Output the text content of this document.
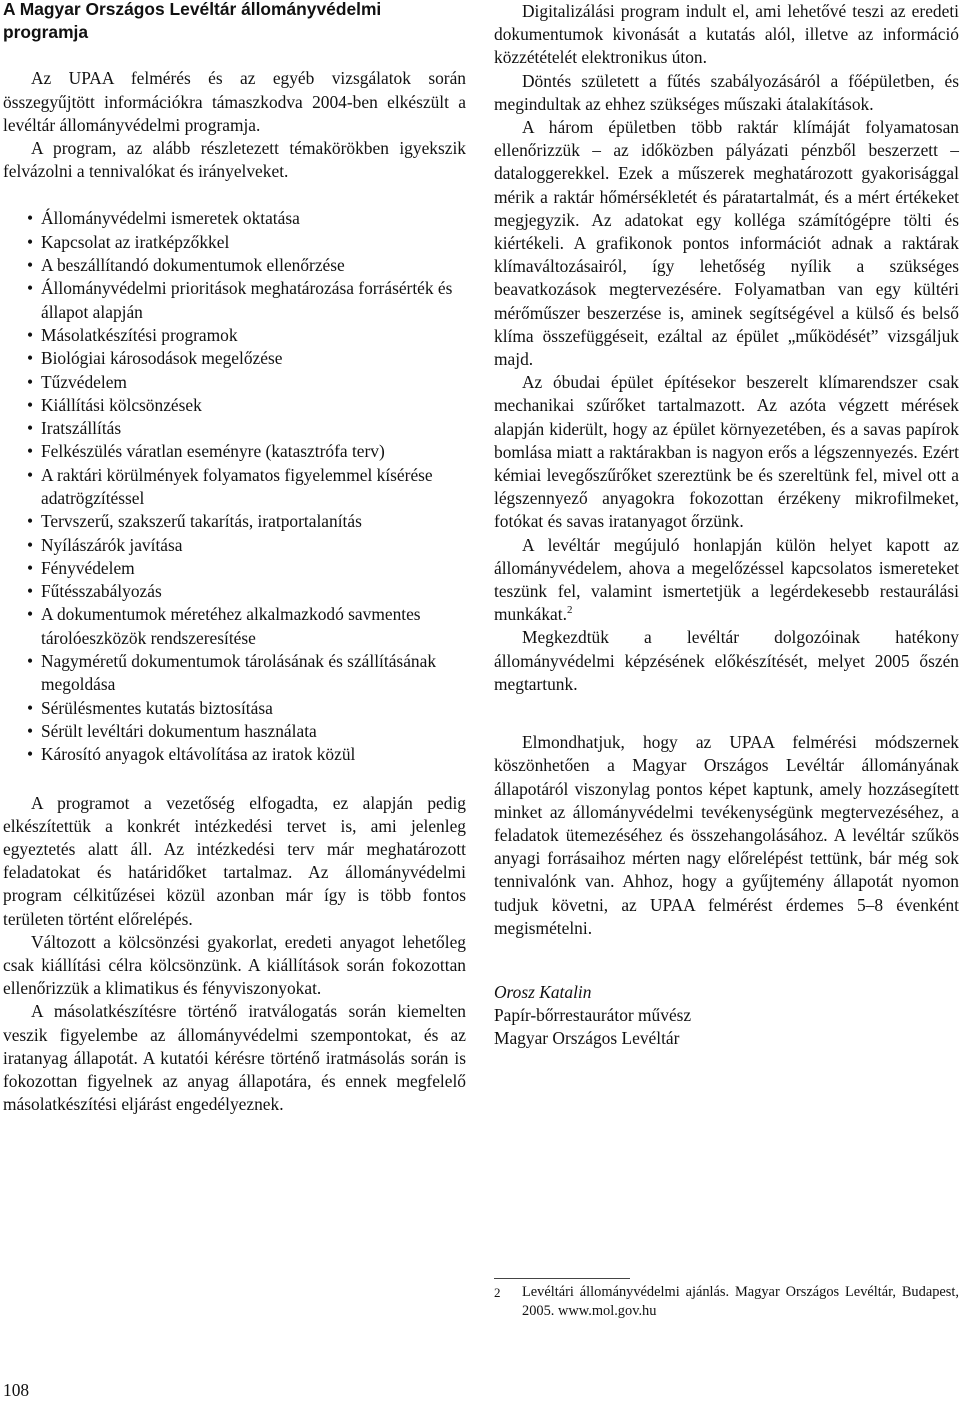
A Magyar Országos Levéltár állományvédelmi programja

Az UPAA felmérés és az egyéb vizsgálatok során összegyűjtött információkra támaszkodva 2004-ben elkészült a levéltár állományvédelmi programja.

A program, az alább részletezett témakörökben igyekszik felvázolni a tennivalókat és irányelveket.

• Állományvédelmi ismeretek oktatása
• Kapcsolat az iratképzőkkel
• A beszállítandó dokumentumok ellenőrzése
• Állományvédelmi prioritások meghatározása forrásérték és állapot alapján
• Másolatkészítési programok
• Biológiai károsodások megelőzése
• Tűzvédelem
• Kiállítási kölcsönzések
• Iratszállítás
• Felkészülés váratlan eseményre (katasztrófa terv)
• A raktári körülmények folyamatos figyelemmel kísérése adatrögzítéssel
• Tervszerű, szakszerű takarítás, iratportalanítás
• Nyílászárók javítása
• Fényvédelem
• Fűtésszabályozás
• A dokumentumok méretéhez alkalmazkodó savmentes tárolóeszközök rendszeresítése
• Nagyméretű dokumentumok tárolásának és szállításának megoldása
• Sérülésmentes kutatás biztosítása
• Sérült levéltári dokumentum használata
• Károsító anyagok eltávolítása az iratok közül

A programot a vezetőség elfogadta, ez alapján pedig elkészítettük a konkrét intézkedési tervet is, ami jelenleg egyeztetés alatt áll. Az intézkedési terv már meghatározott feladatokat és határidőket tartalmaz. Az állományvédelmi program célkitűzései közül azonban már így is több fontos területen történt előrelépés.

Változott a kölcsönzési gyakorlat, eredeti anyagot lehetőleg csak kiállítási célra kölcsönzünk. A kiállítások során fokozottan ellenőrizzük a klimatikus és fényviszonyokat.

A másolatkészítésre történő iratválogatás során kiemelten veszik figyelembe az állományvédelmi szempontokat, és az iratanyag állapotát. A kutatói kérésre történő iratmásolás során is fokozottan figyelnek az anyag állapotára, és ennek megfelelő másolatkészítési eljárást engedélyeznek.

Digitalizálási program indult el, ami lehetővé teszi az eredeti dokumentumok kivonását a kutatás alól, illetve az információ közzétételét elektronikus úton.

Döntés született a fűtés szabályozásáról a főépületben, és megindultak az ehhez szükséges műszaki átalakítások.

A három épületben több raktár klímáját folyamatosan ellenőrizzük – az időközben pályázati pénzből beszerzett – dataloggerekkel. Ezek a műszerek meghatározott gyakorisággal mérik a raktár hőmérsékletét és páratartalmát, és a mért értékeket megjegyzik. Az adatokat egy kolléga számítógépre tölti és kiértékeli. A grafikonok pontos információt adnak a raktárak klímaváltozásairól, így lehetőség nyílik a szükséges beavatkozások megtervezésére. Folyamatban van egy kültéri mérőműszer beszerzése is, aminek segítségével a külső és belső klíma összefüggéseit, ezáltal az épület „működését” vizsgáljuk majd.

Az óbudai épület építésekor beszerelt klímarendszer csak mechanikai szűrőket tartalmazott. Az azóta végzett mérések alapján kiderült, hogy az épület környezetében, és a savas papírok bomlása miatt a raktárakban is nagyon erős a légszennyezés. Ezért kémiai levegőszűrőket szereztünk be és szereltünk fel, mivel ott a légszennyező anyagokra fokozottan érzékeny mikrofilmeket, fotókat és savas iratanyagot őrzünk.

A levéltár megújuló honlapján külön helyet kapott az állományvédelem, ahova a megelőzéssel kapcsolatos ismereteket teszünk fel, valamint ismertetjük a legérdekesebb restaurálási munkákat.$^2$

Megkezdtük a levéltár dolgozóinak hatékony állományvédelmi képzésének előkészítését, melyet 2005 őszén megtartunk.

Elmondhatjuk, hogy az UPAA felmérési módszernek köszönhetően a Magyar Országos Levéltár állományának állapotáról viszonylag pontos képet kaptunk, amely hozzásegített minket az állományvédelmi tevékenységünk megtervezéséhez, a feladatok ütemezéséhez és összehangolásához. A levéltár szűkös anyagi forrásaihoz mérten nagy előrelépést tettünk, bár még sok tennivalónk van. Ahhoz, hogy a gyűjtemény állapotát nyomon tudjuk követni, az UPAA felmérést érdemes 5–8 évenként megismételni.

Orosz Katalin
Papír-bőrrestaurátor művész
Magyar Országos Levéltár
2 Levéltári állományvédelmi ajánlás. Magyar Országos Levéltár, Budapest, 2005. www.mol.gov.hu
108
